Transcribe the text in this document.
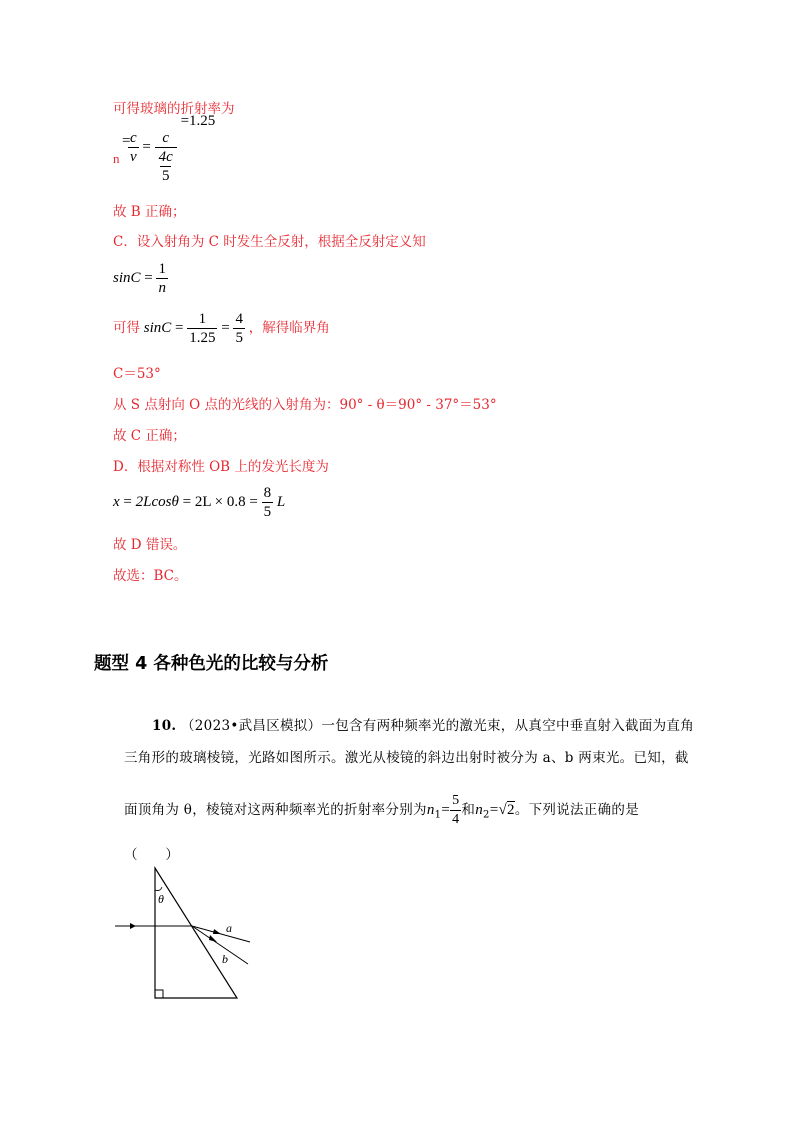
可得玻璃的折射率为
n
=
$\frac{c}{v} = \frac{c}{\frac{4c}{5}}$
=1.25
故 B 正确；
C．设入射角为 C 时发生全反射，根据全反射定义知
$\sin C = \frac{1}{n}$
可得 $\sin C = \frac{1}{1.25} = \frac{4}{5}$ ，解得临界角
C＝53°
从 S 点射向 O 点的光线的入射角为：90° - θ＝90° - 37°＝53°
故 C 正确；
D．根据对称性 OB 上的发光长度为
$x = 2Lcos\theta = 2L \times 0.8 = \frac{8}{5}$ L
故 D 错误。
故选：BC。
题型 4 各种色光的比较与分析
10. （2023•武昌区模拟）一包含有两种频率光的激光束，从真空中垂直射入截面为直角
三角形的玻璃棱镜，光路如图所示。激光从棱镜的斜边出射时被分为 a、b 两束光。已知，截
面顶角为 θ，棱镜对这两种频率光的折射率分别为$n_1= \frac{5}{4}$ 和$n_2=√2$。下列说法正确的是
（　　）
θ
a
b
